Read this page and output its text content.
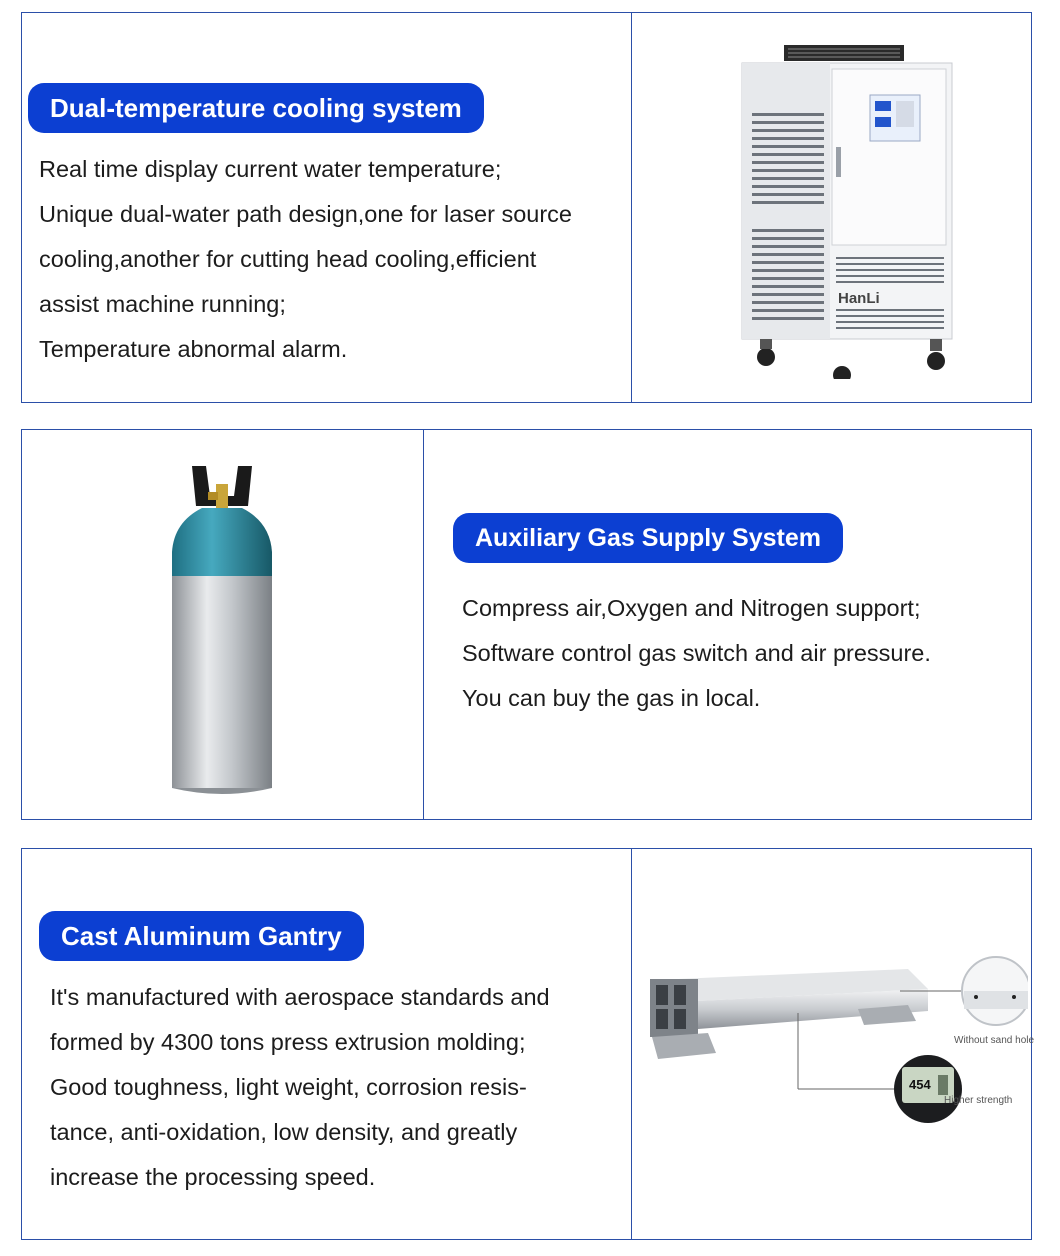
Dual-temperature cooling system
Real time display current water temperature;
Unique dual-water path design,one for laser source
cooling,another for cutting head cooling,efficient
assist machine running;
Temperature abnormal alarm.
HanLi
Auxiliary Gas Supply System
Compress air,Oxygen and Nitrogen support;
Software control gas switch and air pressure.
You can buy the gas in local.
Cast Aluminum Gantry
It's manufactured with aerospace standards and
formed by 4300 tons press extrusion molding;
Good toughness, light weight, corrosion resis-
tance, anti-oxidation, low density, and greatly
increase the processing speed.
454
Without sand hole
Higher strength
